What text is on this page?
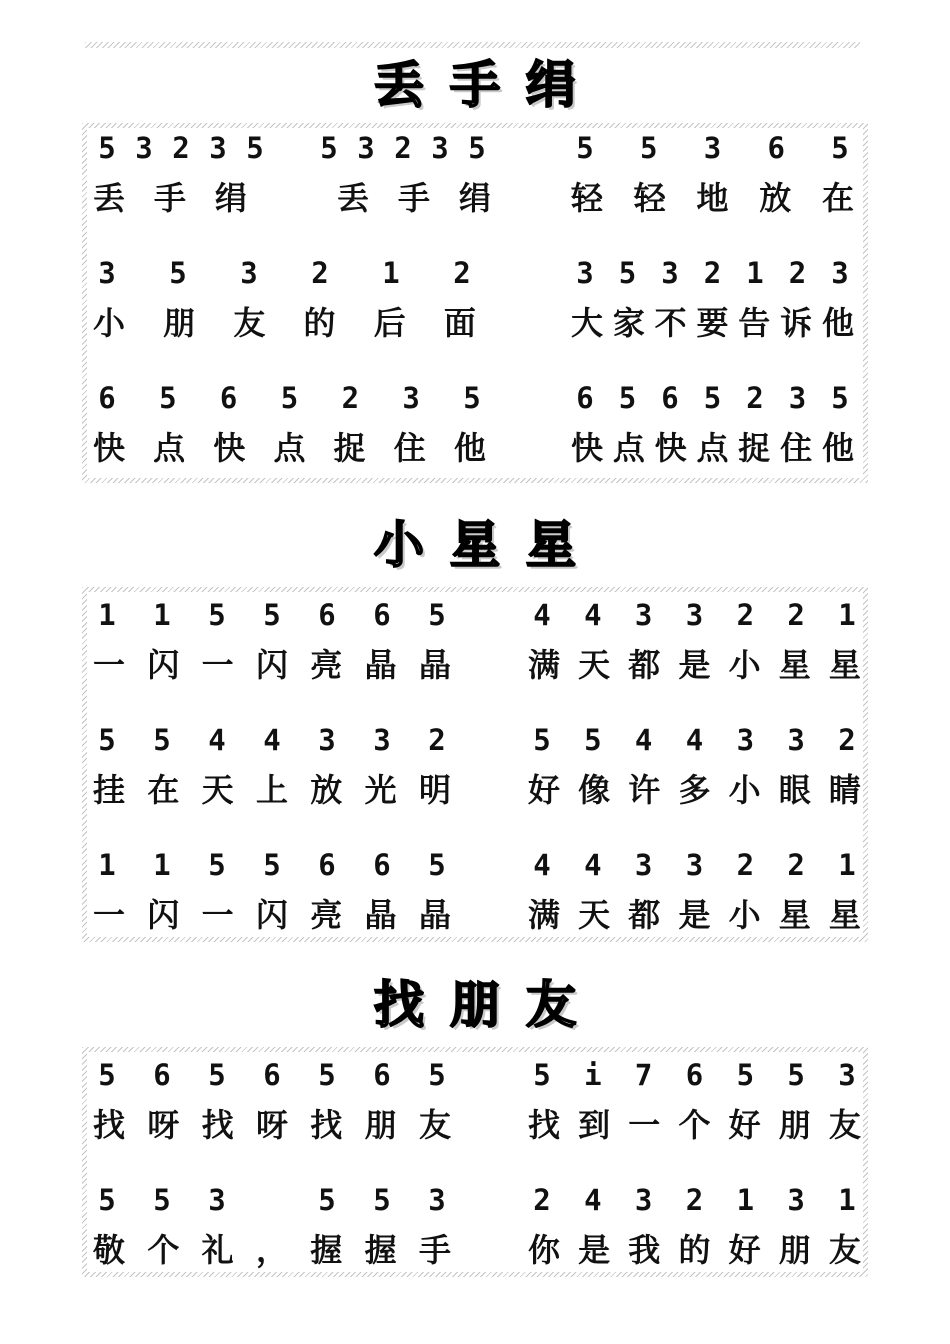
丢手绢
5 3 2 3 5
5 3 2 3 5
丢 手 绢
	丢 手 绢
5 5 3 6 5
轻 轻 地 放 在
3 5 3 2 1 2
小 朋 友 的 后 面
3 5 3 2 1 2 3
大 家 不 要 告 诉 他
6 5 6 5 2 3 5
快 点 快 点 捉 住 他
6 5 6 5 2 3 5
快 点 快 点 捉 住 他
小星星
1 1 5 5 6 6 5
一 闪 一 闪 亮 晶 晶
4 4 3 3 2 2 1
满 天 都 是 小 星 星
5 5 4 4 3 3 2
挂 在 天 上 放 光 明
5 5 4 4 3 3 2
好 像 许 多 小 眼 睛
1 1 5 5 6 6 5
一 闪 一 闪 亮 晶 晶
4 4 3 3 2 2 1
满 天 都 是 小 星 星
找朋友
5 6 5 6 5 6 5
找 呀 找 呀 找 朋 友
5 i 7 6 5 5 3
找 到 一 个 好 朋 友
5 5 3
	5 5 3
敬 个 礼 ， 握 握 手
2 4 3 2 1 3 1
你 是 我 的 好 朋 友
